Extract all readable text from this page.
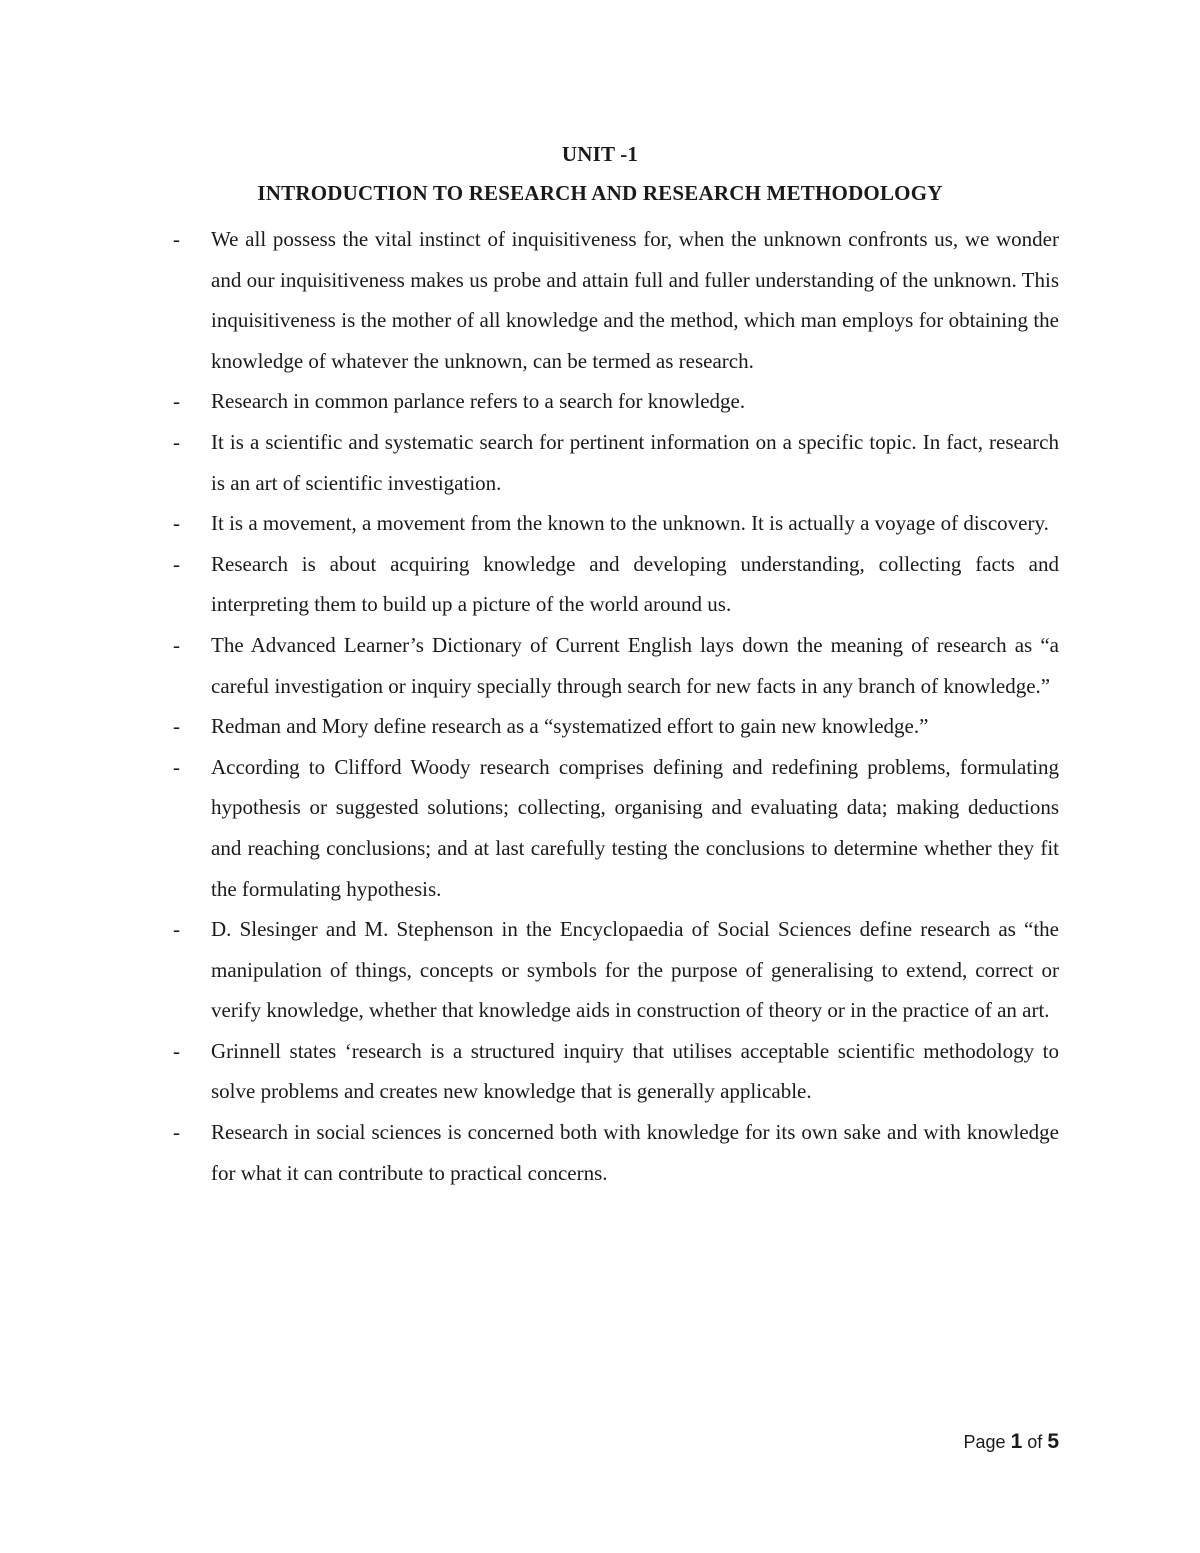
UNIT -1
INTRODUCTION TO RESEARCH AND RESEARCH METHODOLOGY
- We all possess the vital instinct of inquisitiveness for, when the unknown confronts us, we wonder and our inquisitiveness makes us probe and attain full and fuller understanding of the unknown. This inquisitiveness is the mother of all knowledge and the method, which man employs for obtaining the knowledge of whatever the unknown, can be termed as research.
- Research in common parlance refers to a search for knowledge.
- It is a scientific and systematic search for pertinent information on a specific topic. In fact, research is an art of scientific investigation.
- It is a movement, a movement from the known to the unknown. It is actually a voyage of discovery.
- Research is about acquiring knowledge and developing understanding, collecting facts and interpreting them to build up a picture of the world around us.
- The Advanced Learner’s Dictionary of Current English lays down the meaning of research as “a careful investigation or inquiry specially through search for new facts in any branch of knowledge.”
- Redman and Mory define research as a “systematized effort to gain new knowledge.”
- According to Clifford Woody research comprises defining and redefining problems, formulating hypothesis or suggested solutions; collecting, organising and evaluating data; making deductions and reaching conclusions; and at last carefully testing the conclusions to determine whether they fit the formulating hypothesis.
- D. Slesinger and M. Stephenson in the Encyclopaedia of Social Sciences define research as “the manipulation of things, concepts or symbols for the purpose of generalising to extend, correct or verify knowledge, whether that knowledge aids in construction of theory or in the practice of an art.
- Grinnell states ‘research is a structured inquiry that utilises acceptable scientific methodology to solve problems and creates new knowledge that is generally applicable.
- Research in social sciences is concerned both with knowledge for its own sake and with knowledge for what it can contribute to practical concerns.
Page 1 of 5
